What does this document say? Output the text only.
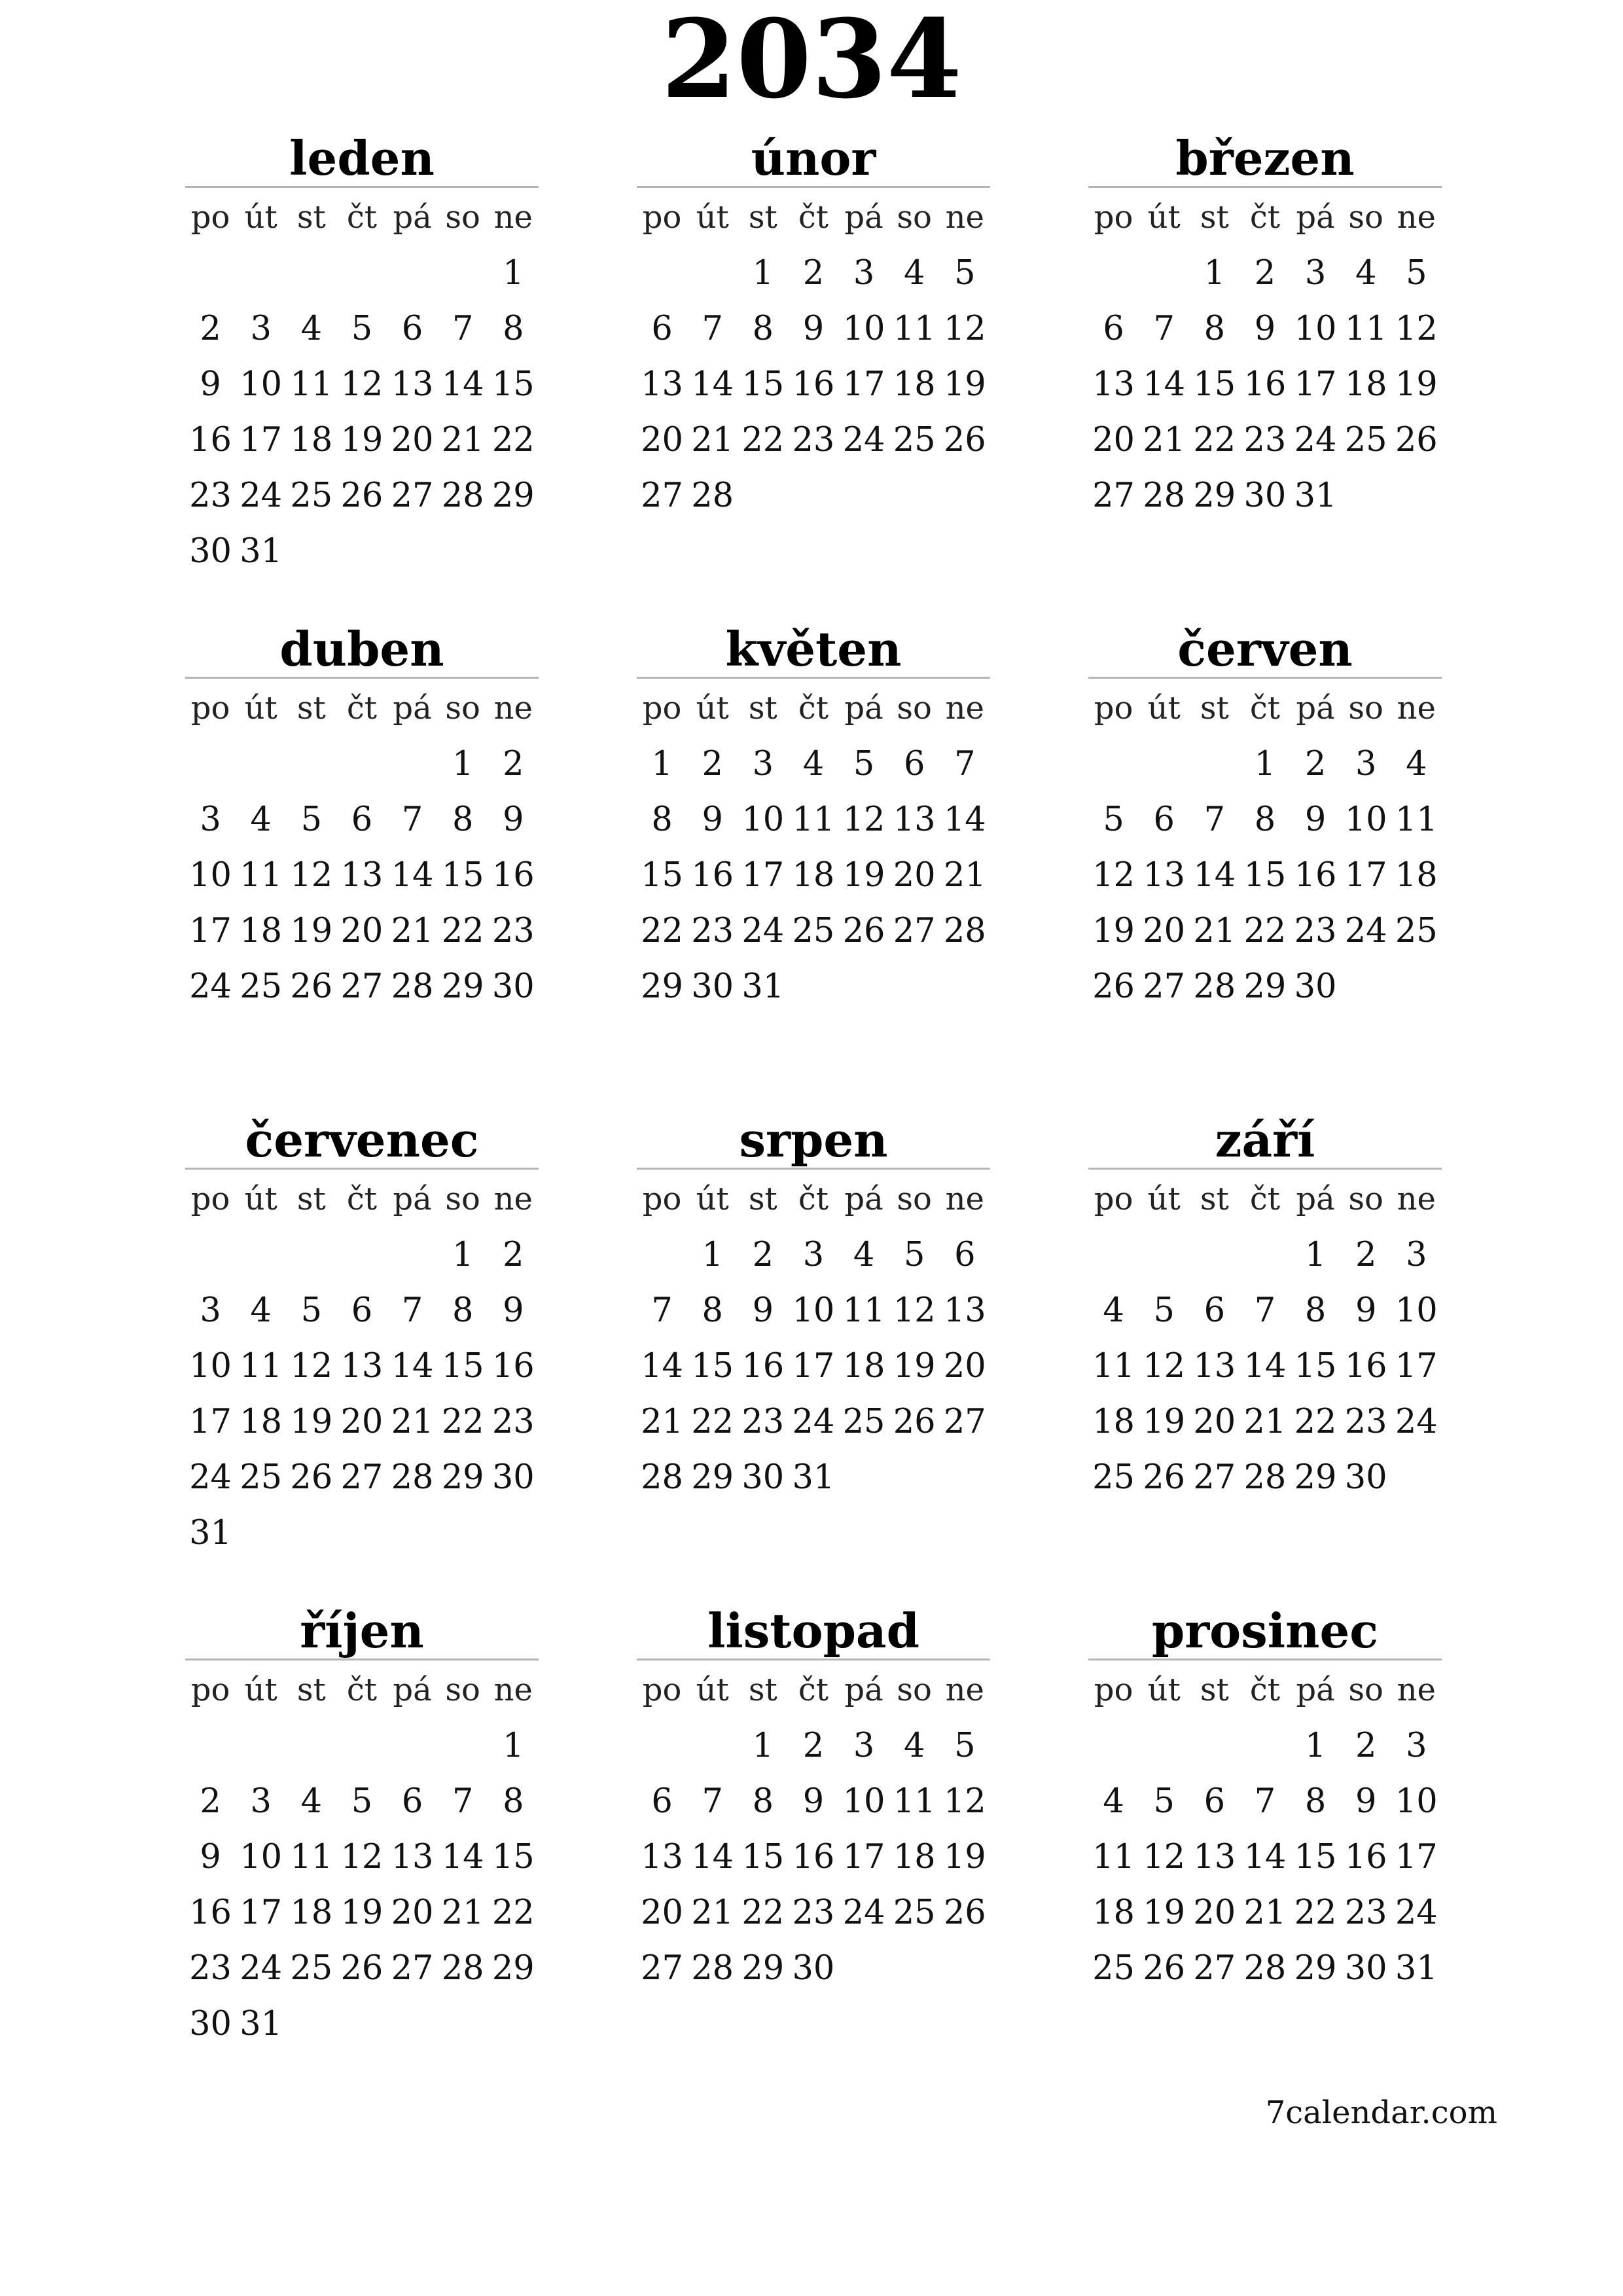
2034
leden
po út st čt pá so ne
1
2 3 4 5 6 7 8
9 10 11 12 13 14 15
16 17 18 19 20 21 22
23 24 25 26 27 28 29
30 31
únor
po út st čt pá so ne
1 2 3 4 5
6 7 8 9 10 11 12
13 14 15 16 17 18 19
20 21 22 23 24 25 26
27 28
březen
po út st čt pá so ne
1 2 3 4 5
6 7 8 9 10 11 12
13 14 15 16 17 18 19
20 21 22 23 24 25 26
27 28 29 30 31
duben
po út st čt pá so ne
1 2
3 4 5 6 7 8 9
10 11 12 13 14 15 16
17 18 19 20 21 22 23
24 25 26 27 28 29 30
květen
po út st čt pá so ne
1 2 3 4 5 6 7
8 9 10 11 12 13 14
15 16 17 18 19 20 21
22 23 24 25 26 27 28
29 30 31
červen
po út st čt pá so ne
1 2 3 4
5 6 7 8 9 10 11
12 13 14 15 16 17 18
19 20 21 22 23 24 25
26 27 28 29 30
červenec
po út st čt pá so ne
1 2
3 4 5 6 7 8 9
10 11 12 13 14 15 16
17 18 19 20 21 22 23
24 25 26 27 28 29 30
31
srpen
po út st čt pá so ne
1 2 3 4 5 6
7 8 9 10 11 12 13
14 15 16 17 18 19 20
21 22 23 24 25 26 27
28 29 30 31
září
po út st čt pá so ne
1 2 3
4 5 6 7 8 9 10
11 12 13 14 15 16 17
18 19 20 21 22 23 24
25 26 27 28 29 30
říjen
po út st čt pá so ne
1
2 3 4 5 6 7 8
9 10 11 12 13 14 15
16 17 18 19 20 21 22
23 24 25 26 27 28 29
30 31
listopad
po út st čt pá so ne
1 2 3 4 5
6 7 8 9 10 11 12
13 14 15 16 17 18 19
20 21 22 23 24 25 26
27 28 29 30
prosinec
po út st čt pá so ne
1 2 3
4 5 6 7 8 9 10
11 12 13 14 15 16 17
18 19 20 21 22 23 24
25 26 27 28 29 30 31
7calendar.com
